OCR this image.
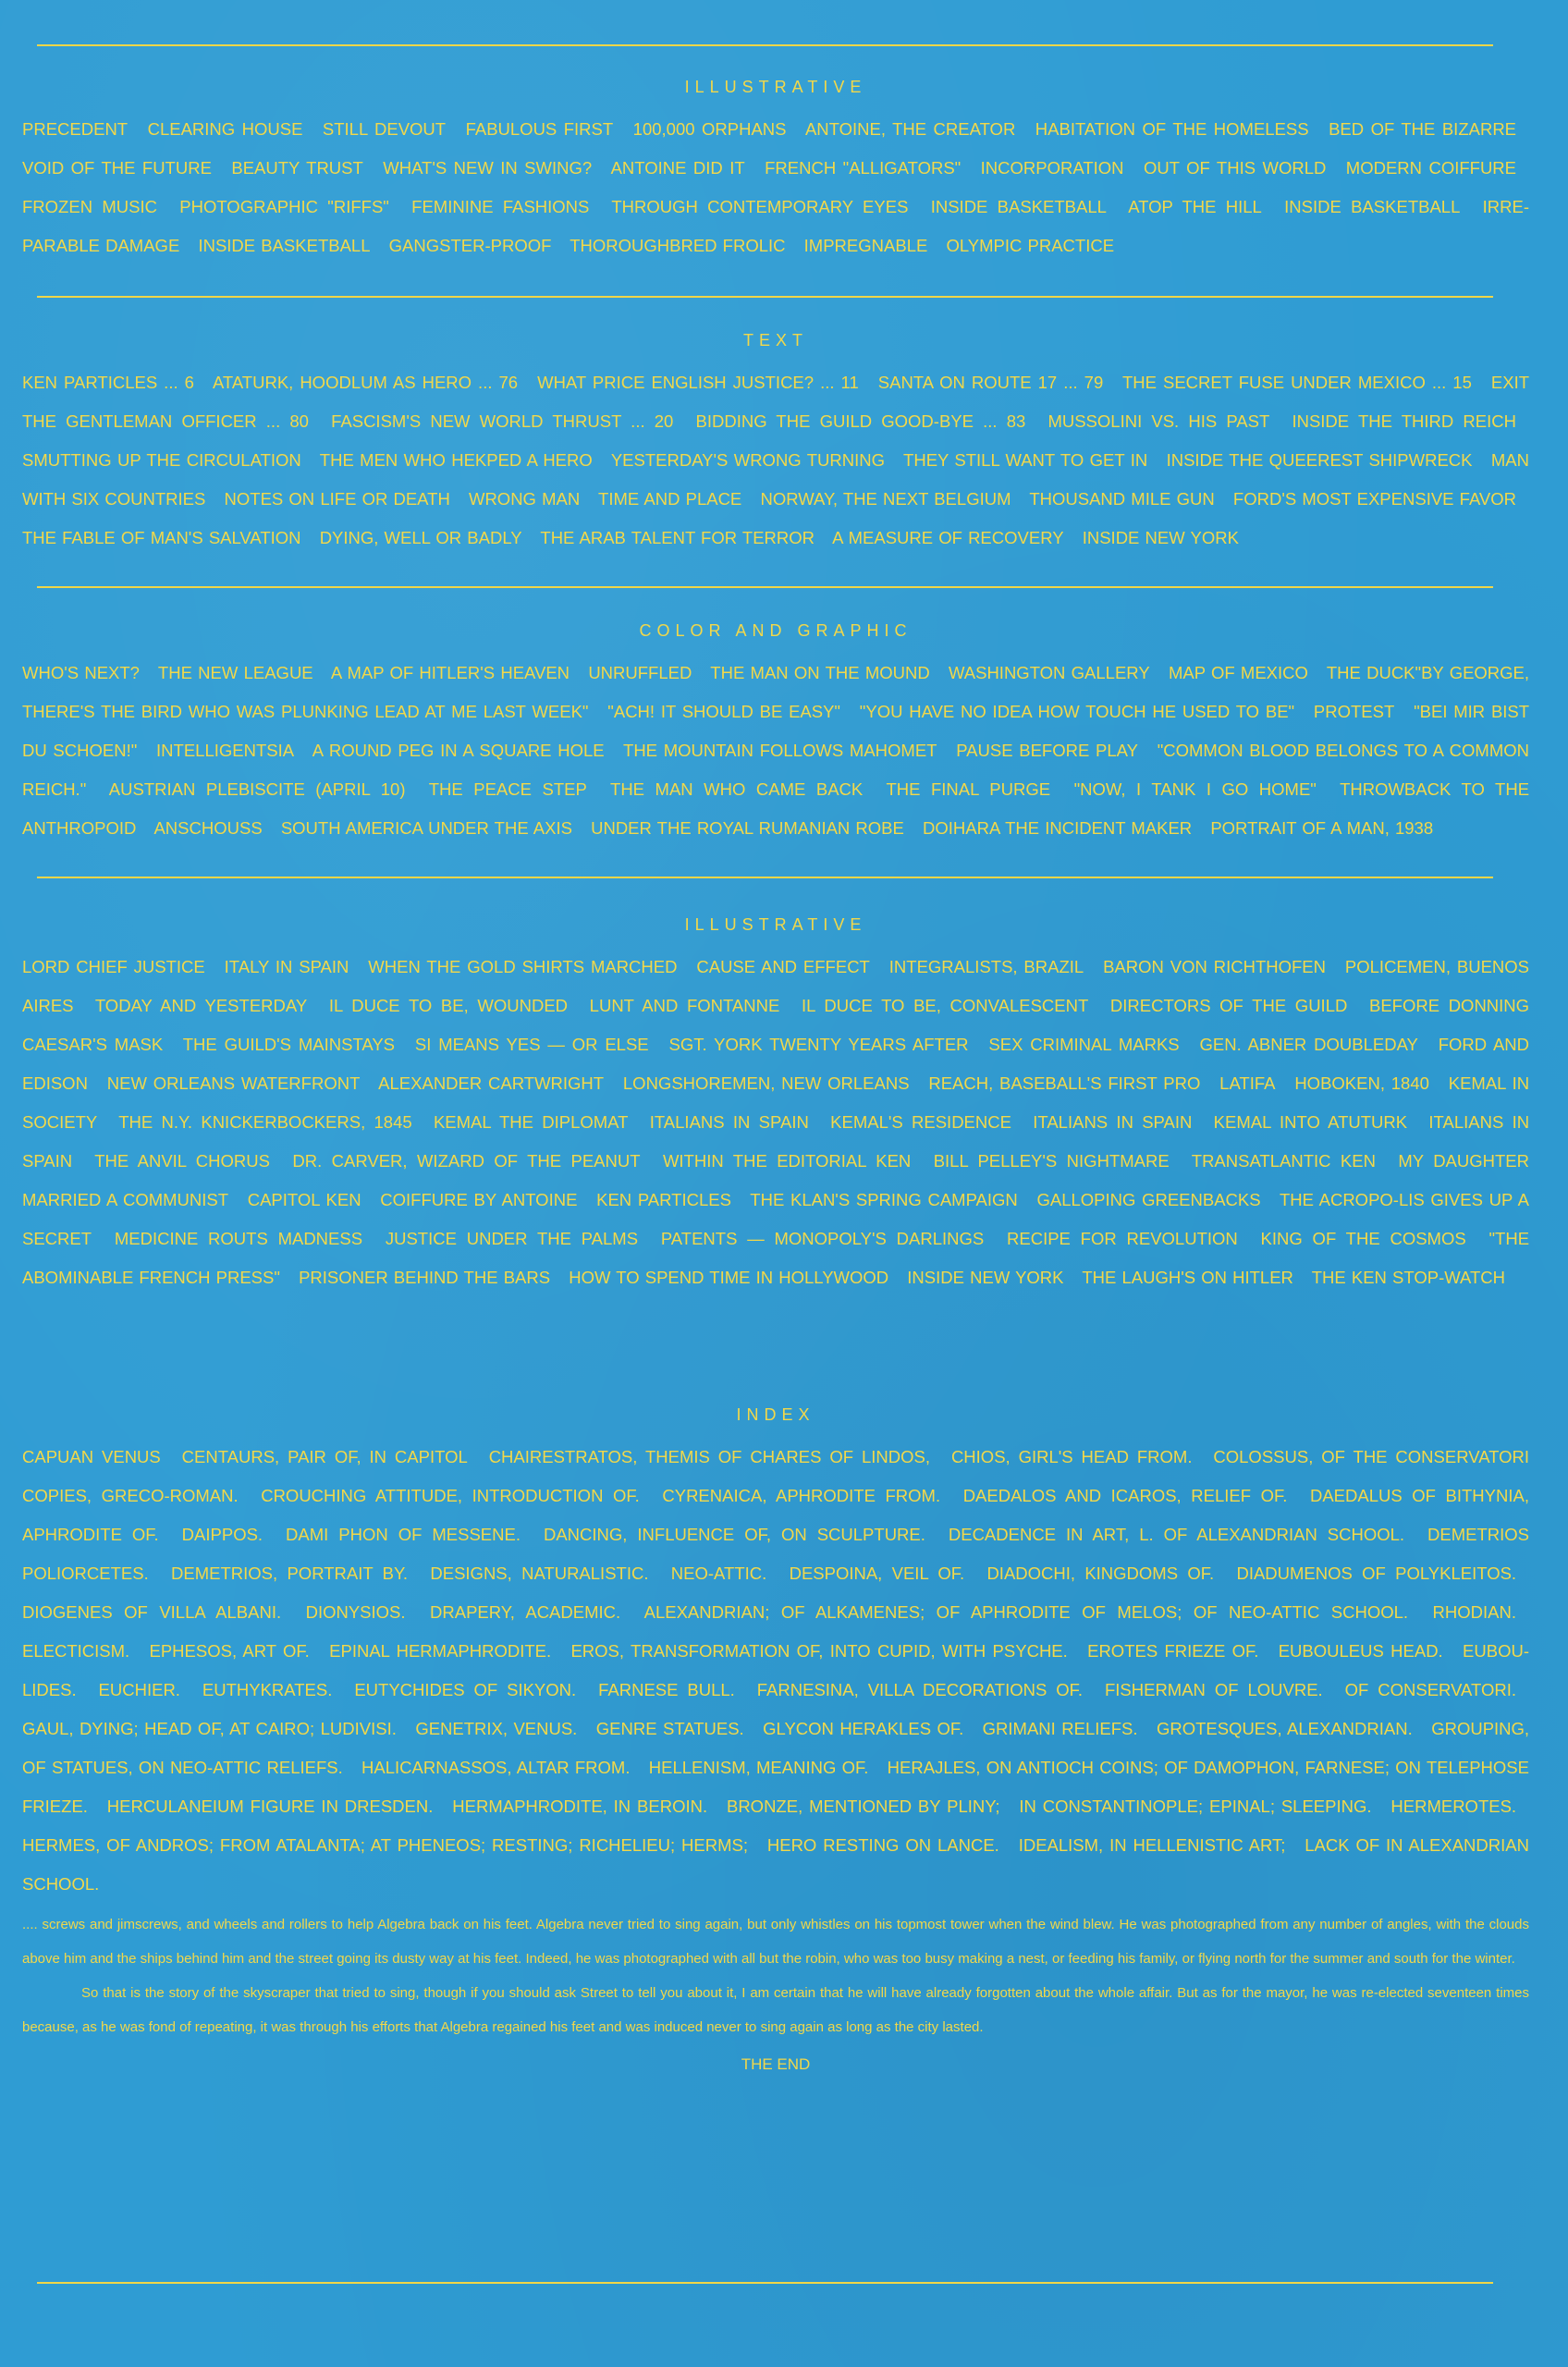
ILLUSTRATIVE

PRECEDENT CLEARING HOUSE STILL DEVOUT FABULOUS FIRST 100,000 ORPHANS ANTOINE, THE CREATOR HABITATION OF THE HOMELESS BED OF THE BIZARRE VOID OF THE FUTURE BEAUTY TRUST WHAT'S NEW IN SWING? ANTOINE DID IT FRENCH "ALLIGATORS" INCORPORATION OUT OF THIS WORLD MODERN COIFFURE FROZEN MUSIC PHOTOGRAPHIC "RIFFS" FEMININE FASHIONS THROUGH CONTEMPORARY EYES INSIDE BASKETBALL ATOP THE HILL INSIDE BASKETBALL IRRE-PARABLE DAMAGE INSIDE BASKETBALL GANGSTER-PROOF THOROUGHBRED FROLIC IMPREGNABLE OLYMPIC PRACTICE

TEXT

KEN PARTICLES ... 6 ATATURK, HOODLUM AS HERO ... 76 WHAT PRICE ENGLISH JUSTICE? ... 11 SANTA ON ROUTE 17 ... 79 THE SECRET FUSE UNDER MEXICO ... 15 EXIT THE GENTLEMAN OFFICER ... 80 FASCISM'S NEW WORLD THRUST ... 20 BIDDING THE GUILD GOOD-BYE ... 83 MUSSOLINI VS. HIS PAST INSIDE THE THIRD REICH SMUTTING UP THE CIRCULATION THE MEN WHO HEKPED A HERO YESTERDAY'S WRONG TURNING THEY STILL WANT TO GET IN INSIDE THE QUEEREST SHIPWRECK MAN WITH SIX COUNTRIES NOTES ON LIFE OR DEATH WRONG MAN TIME AND PLACE NORWAY, THE NEXT BELGIUM THOUSAND MILE GUN FORD'S MOST EXPENSIVE FAVOR THE FABLE OF MAN'S SALVATION DYING, WELL OR BADLY THE ARAB TALENT FOR TERROR A MEASURE OF RECOVERY INSIDE NEW YORK

COLOR AND GRAPHIC

WHO'S NEXT? THE NEW LEAGUE A MAP OF HITLER'S HEAVEN UNRUFFLED THE MAN ON THE MOUND WASHINGTON GALLERY MAP OF MEXICO THE DUCK"BY GEORGE, THERE'S THE BIRD WHO WAS PLUNKING LEAD AT ME LAST WEEK" "ACH! IT SHOULD BE EASY" "YOU HAVE NO IDEA HOW TOUCH HE USED TO BE" PROTEST "BEI MIR BIST DU SCHOEN!" INTELLIGENTSIA A ROUND PEG IN A SQUARE HOLE THE MOUNTAIN FOLLOWS MAHOMET PAUSE BEFORE PLAY "COMMON BLOOD BELONGS TO A COMMON REICH." AUSTRIAN PLEBISCITE (APRIL 10) THE PEACE STEP THE MAN WHO CAME BACK THE FINAL PURGE "NOW, I TANK I GO HOME" THROWBACK TO THE ANTHROPOID ANSCHOUSS SOUTH AMERICA UNDER THE AXIS UNDER THE ROYAL RUMANIAN ROBE DOIHARA THE INCIDENT MAKER PORTRAIT OF A MAN, 1938

ILLUSTRATIVE

LORD CHIEF JUSTICE ITALY IN SPAIN WHEN THE GOLD SHIRTS MARCHED CAUSE AND EFFECT INTEGRALISTS, BRAZIL BARON VON RICHTHOFEN POLICEMEN, BUENOS AIRES TODAY AND YESTERDAY IL DUCE TO BE, WOUNDED LUNT AND FONTANNE IL DUCE TO BE, CONVALESCENT DIRECTORS OF THE GUILD BEFORE DONNING CAESAR'S MASK THE GUILD'S MAINSTAYS SI MEANS YES — OR ELSE SGT. YORK TWENTY YEARS AFTER SEX CRIMINAL MARKS GEN. ABNER DOUBLEDAY FORD AND EDISON NEW ORLEANS WATERFRONT ALEXANDER CARTWRIGHT LONGSHOREMEN, NEW ORLEANS REACH, BASEBALL'S FIRST PRO LATIFA HOBOKEN, 1840 KEMAL IN SOCIETY THE N.Y. KNICKERBOCKERS, 1845 KEMAL THE DIPLOMAT ITALIANS IN SPAIN KEMAL'S RESIDENCE ITALIANS IN SPAIN KEMAL INTO ATUTURK ITALIANS IN SPAIN THE ANVIL CHORUS DR. CARVER, WIZARD OF THE PEANUT WITHIN THE EDITORIAL KEN BILL PELLEY'S NIGHTMARE TRANSATLANTIC KEN MY DAUGHTER MARRIED A COMMUNIST CAPITOL KEN COIFFURE BY ANTOINE KEN PARTICLES THE KLAN'S SPRING CAMPAIGN GALLOPING GREENBACKS THE ACROPO-LIS GIVES UP A SECRET MEDICINE ROUTS MADNESS JUSTICE UNDER THE PALMS PATENTS — MONOPOLY'S DARLINGS RECIPE FOR REVOLUTION KING OF THE COSMOS "THE ABOMINABLE FRENCH PRESS" PRISONER BEHIND THE BARS HOW TO SPEND TIME IN HOLLYWOOD INSIDE NEW YORK THE LAUGH'S ON HITLER THE KEN STOP-WATCH

INDEX

CAPUAN VENUS CENTAURS, PAIR OF, IN CAPITOL CHAIRESTRATOS, THEMIS OF CHARES OF LINDOS, CHIOS, GIRL'S HEAD FROM. COLOSSUS, OF THE CONSERVATORI COPIES, GRECO-ROMAN. CROUCHING ATTITUDE, INTRODUCTION OF. CYRENAICA, APHRODITE FROM. DAEDALOS AND ICAROS, RELIEF OF. DAEDALUS OF BITHYNIA, APHRODITE OF. DAIPPOS. DAMI PHON OF MESSENE. DANCING, INFLUENCE OF, ON SCULPTURE. DECADENCE IN ART, L. OF ALEXANDRIAN SCHOOL. DEMETRIOS POLIORCETES. DEMETRIOS, PORTRAIT BY. DESIGNS, NATURALISTIC. NEO-ATTIC. DESPOINA, VEIL OF. DIADOCHI, KINGDOMS OF. DIADUMENOS OF POLYKLEITOS. DIOGENES OF VILLA ALBANI. DIONYSIOS. DRAPERY, ACADEMIC. ALEXANDRIAN; OF ALKAMENES; OF APHRODITE OF MELOS; OF NEO-ATTIC SCHOOL. RHODIAN. ELECTICISM. EPHESOS, ART OF. EPINAL HERMAPHRODITE. EROS, TRANSFORMATION OF, INTO CUPID, WITH PSYCHE. EROTES FRIEZE OF. EUBOULEUS HEAD. EUBOU-LIDES. EUCHIER. EUTHYKRATES. EUTYCHIDES OF SIKYON. FARNESE BULL. FARNESINA, VILLA DECORATIONS OF. FISHERMAN OF LOUVRE. OF CONSERVATORI. GAUL, DYING; HEAD OF, AT CAIRO; LUDIVISI. GENETRIX, VENUS. GENRE STATUES. GLYCON HERAKLES OF. GRIMANI RELIEFS. GROTESQUES, ALEXANDRIAN. GROUPING, OF STATUES, ON NEO-ATTIC RELIEFS. HALICARNASSOS, ALTAR FROM. HELLENISM, MEANING OF. HERAJLES, ON ANTIOCH COINS; OF DAMOPHON, FARNESE; ON TELEPHOSE FRIEZE. HERCULANEIUM FIGURE IN DRESDEN. HERMAPHRODITE, IN BEROIN. BRONZE, MENTIONED BY PLINY; IN CONSTANTINOPLE; EPINAL; SLEEPING. HERMEROTES. HERMES, OF ANDROS; FROM ATALANTA; AT PHENEOS; RESTING; RICHELIEU; HERMS; HERO RESTING ON LANCE. IDEALISM, IN HELLENISTIC ART; LACK OF IN ALEXANDRIAN SCHOOL.

.... screws and jimscrews, and wheels and rollers to help Algebra back on his feet. Algebra never tried to sing again, but only whistles on his topmost tower when the wind blew. He was photographed from any number of angles, with the clouds above him and the ships behind him and the street going its dusty way at his feet. Indeed, he was photographed with all but the robin, who was too busy making a nest, or feeding his family, or flying north for the summer and south for the winter.

So that is the story of the skyscraper that tried to sing, though if you should ask Street to tell you about it, I am certain that he will have already forgotten about the whole affair. But as for the mayor, he was re-elected seventeen times because, as he was fond of repeating, it was through his efforts that Algebra regained his feet and was induced never to sing again as long as the city lasted.

THE END
